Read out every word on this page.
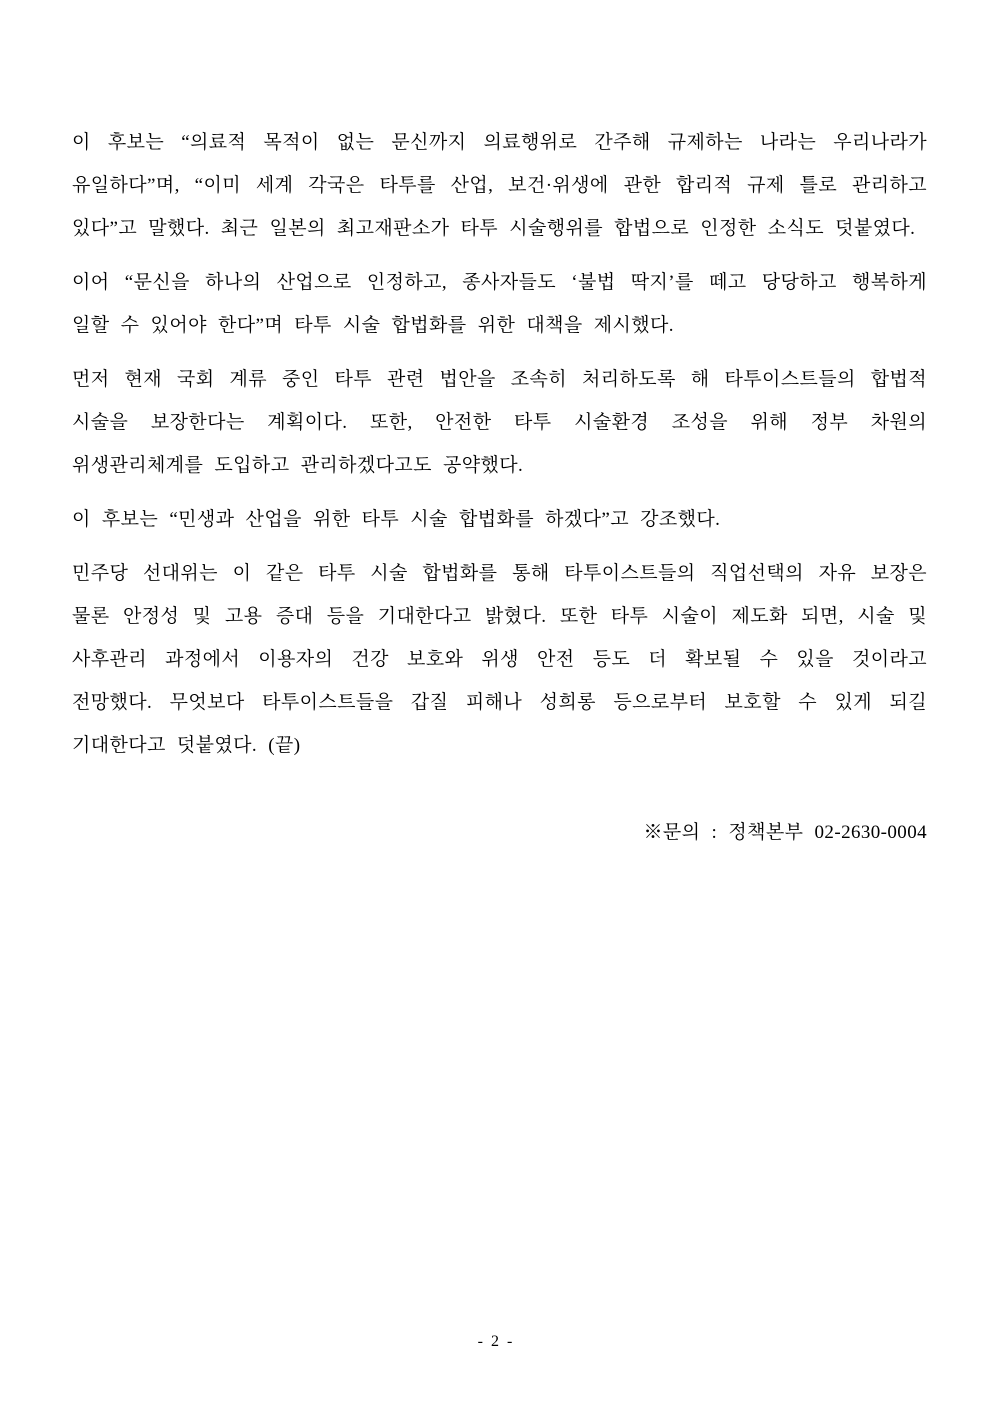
이 후보는 “의료적 목적이 없는 문신까지 의료행위로 간주해 규제하는 나라는 우리나라가 유일하다”며, “이미 세계 각국은 타투를 산업, 보건·위생에 관한 합리적 규제 틀로 관리하고 있다”고 말했다. 최근 일본의 최고재판소가 타투 시술행위를 합법으로 인정한 소식도 덧붙였다.

이어 “문신을 하나의 산업으로 인정하고, 종사자들도 ‘불법 딱지’를 떼고 당당하고 행복하게 일할 수 있어야 한다”며 타투 시술 합법화를 위한 대책을 제시했다.

먼저 현재 국회 계류 중인 타투 관련 법안을 조속히 처리하도록 해 타투이스트들의 합법적 시술을 보장한다는 계획이다. 또한, 안전한 타투 시술환경 조성을 위해 정부 차원의 위생관리체계를 도입하고 관리하겠다고도 공약했다.

이 후보는 “민생과 산업을 위한 타투 시술 합법화를 하겠다”고 강조했다.

민주당 선대위는 이 같은 타투 시술 합법화를 통해 타투이스트들의 직업선택의 자유 보장은 물론 안정성 및 고용 증대 등을 기대한다고 밝혔다. 또한 타투 시술이 제도화 되면, 시술 및 사후관리 과정에서 이용자의 건강 보호와 위생 안전 등도 더 확보될 수 있을 것이라고 전망했다. 무엇보다 타투이스트들을 갑질 피해나 성희롱 등으로부터 보호할 수 있게 되길 기대한다고 덧붙였다. (끝)

※문의 : 정책본부 02-2630-0004

- 2 -
